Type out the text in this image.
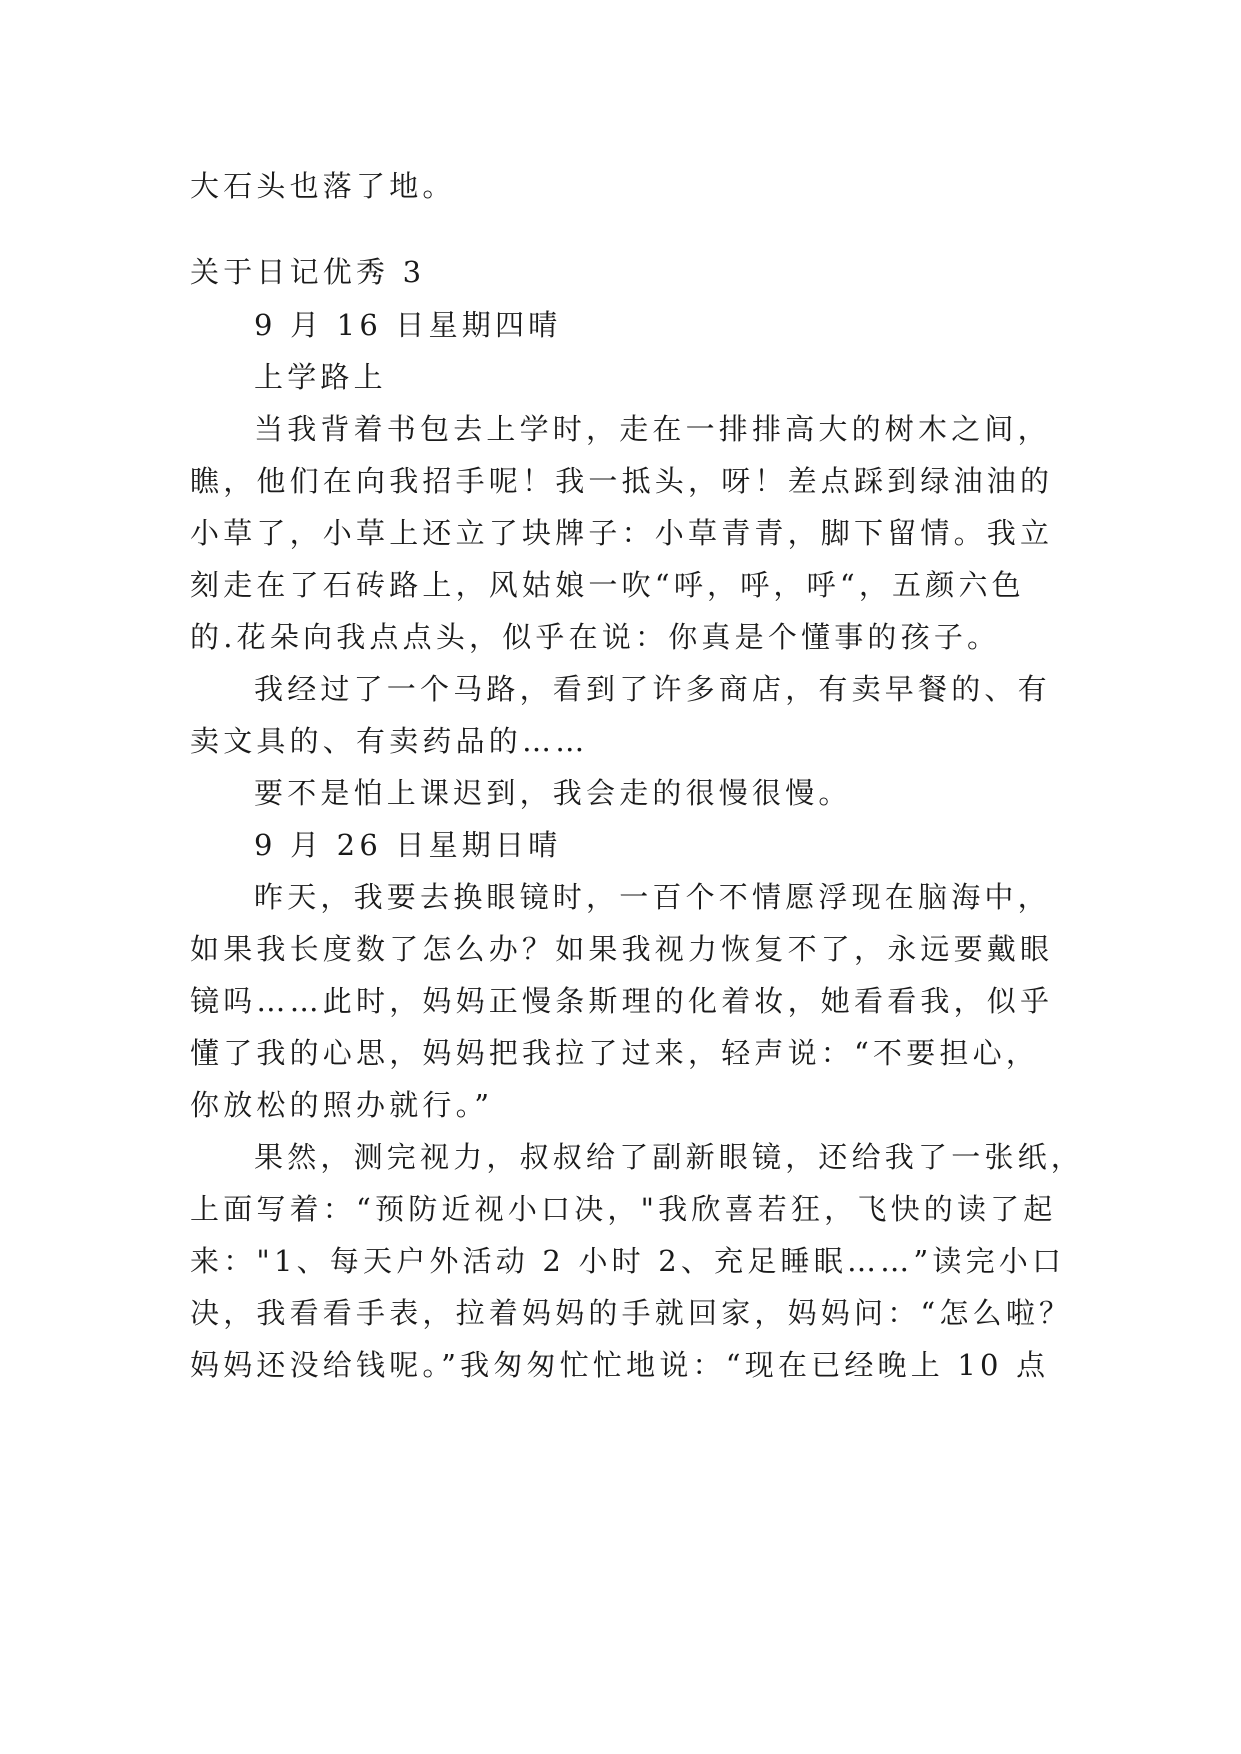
大石头也落了地。
关于日记优秀 3
9 月 16 日星期四晴
上学路上
当我背着书包去上学时，走在一排排高大的树木之间，
瞧，他们在向我招手呢！我一抵头，呀！差点踩到绿油油的
小草了，小草上还立了块牌子：小草青青，脚下留情。我立
刻走在了石砖路上，风姑娘一吹“呼，呼，呼“，五颜六色
的.花朵向我点点头，似乎在说：你真是个懂事的孩子。
我经过了一个马路，看到了许多商店，有卖早餐的、有
卖文具的、有卖药品的……
要不是怕上课迟到，我会走的很慢很慢。
9 月 26 日星期日晴
昨天，我要去换眼镜时，一百个不情愿浮现在脑海中，
如果我长度数了怎么办？如果我视力恢复不了，永远要戴眼
镜吗……此时，妈妈正慢条斯理的化着妆，她看看我，似乎
懂了我的心思，妈妈把我拉了过来，轻声说：“不要担心，
你放松的照办就行。”
果然，测完视力，叔叔给了副新眼镜，还给我了一张纸，
上面写着：“预防近视小口决，"我欣喜若狂，飞快的读了起
来："1、每天户外活动 2 小时 2、充足睡眠……”读完小口
决，我看看手表，拉着妈妈的手就回家，妈妈问：“怎么啦？
妈妈还没给钱呢。”我匆匆忙忙地说：“现在已经晚上 10 点
